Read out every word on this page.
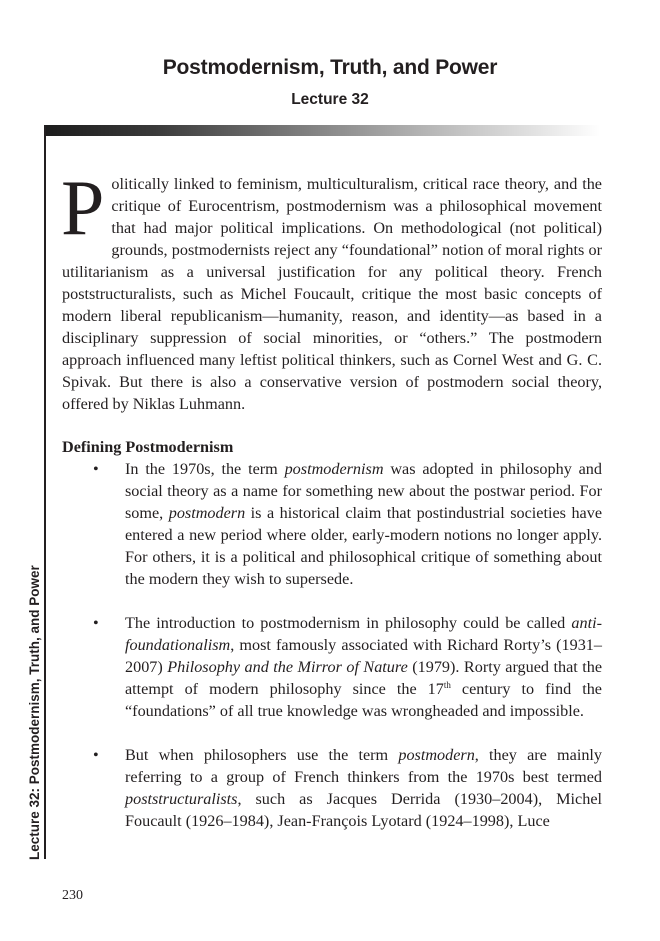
Postmodernism, Truth, and Power
Lecture 32
Lecture 32: Postmodernism, Truth, and Power
P olitically linked to feminism, multiculturalism, critical race theory, and the critique of Eurocentrism, postmodernism was a philosophical movement that had major political implications. On methodological (not political) grounds, postmodernists reject any “foundational” notion of moral rights or utilitarianism as a universal justification for any political theory. French poststructuralists, such as Michel Foucault, critique the most basic concepts of modern liberal republicanism—humanity, reason, and identity—as based in a disciplinary suppression of social minorities, or “others.” The postmodern approach influenced many leftist political thinkers, such as Cornel West and G. C. Spivak. But there is also a conservative version of postmodern social theory, offered by Niklas Luhmann.

Defining Postmodernism
• In the 1970s, the term postmodernism was adopted in philosophy and social theory as a name for something new about the postwar period. For some, postmodern is a historical claim that postindustrial societies have entered a new period where older, early-modern notions no longer apply. For others, it is a political and philosophical critique of something about the modern they wish to supersede.
• The introduction to postmodernism in philosophy could be called anti-foundationalism, most famously associated with Richard Rorty’s (1931–2007) Philosophy and the Mirror of Nature (1979). Rorty argued that the attempt of modern philosophy since the 17th century to find the “foundations” of all true knowledge was wrongheaded and impossible.
• But when philosophers use the term postmodern, they are mainly referring to a group of French thinkers from the 1970s best termed poststructuralists, such as Jacques Derrida (1930–2004), Michel Foucault (1926–1984), Jean-François Lyotard (1924–1998), Luce
230
